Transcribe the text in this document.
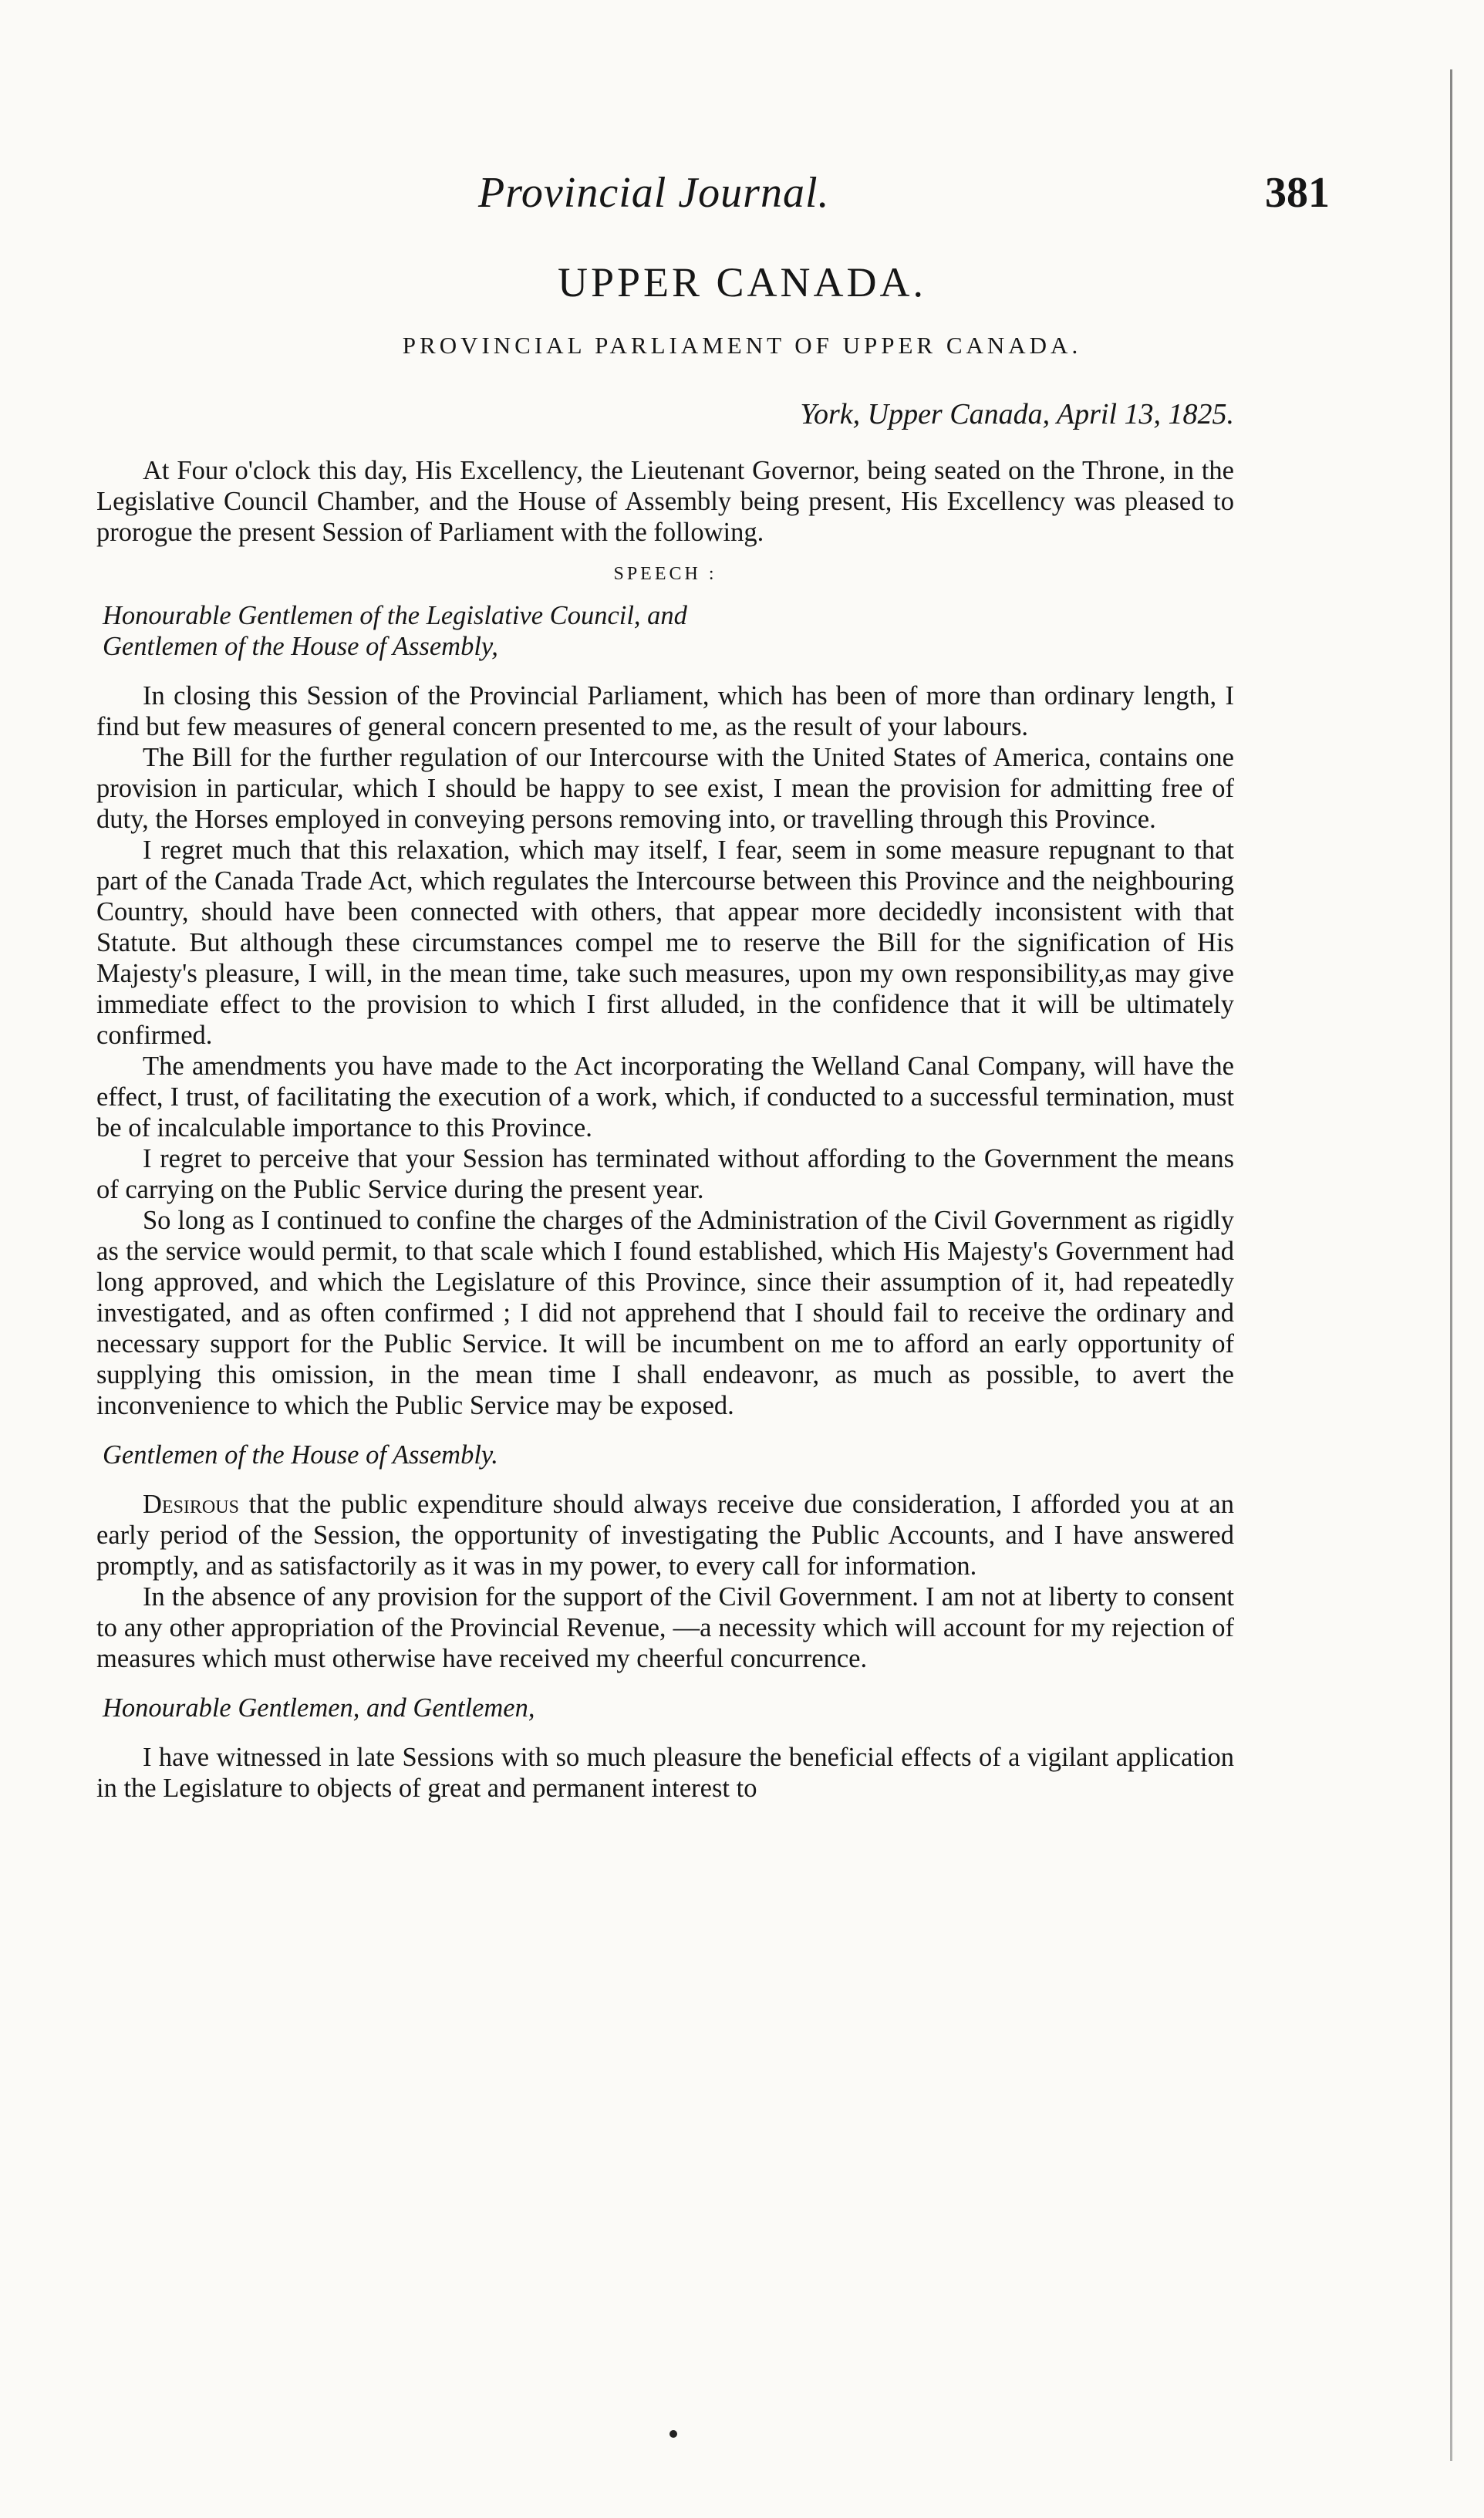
Provincial Journal.	381
UPPER CANADA.
PROVINCIAL PARLIAMENT OF UPPER CANADA.
York, Upper Canada, April 13, 1825.

At Four o'clock this day, His Excellency, the Lieutenant Governor, being seated on the Throne, in the Legislative Council Chamber, and the House of Assembly being present, His Excellency was pleased to prorogue the present Session of Parliament with the following.

SPEECH :

Honourable Gentlemen of the Legislative Council, and

Gentlemen of the House of Assembly,

In closing this Session of the Provincial Parliament, which has been of more than ordinary length, I find but few measures of general concern presented to me, as the result of your labours.

The Bill for the further regulation of our Intercourse with the United States of America, contains one provision in particular, which I should be happy to see exist, I mean the provision for admitting free of duty, the Horses employed in conveying persons removing into, or travelling through this Province.

I regret much that this relaxation, which may itself, I fear, seem in some measure repugnant to that part of the Canada Trade Act, which regulates the Intercourse between this Province and the neighbouring Country, should have been connected with others, that appear more decidedly inconsistent with that Statute. But although these circumstances compel me to reserve the Bill for the signification of His Majesty's pleasure, I will, in the mean time, take such measures, upon my own responsibility,as may give immediate effect to the provision to which I first alluded, in the confidence that it will be ultimately confirmed.

The amendments you have made to the Act incorporating the Welland Canal Company, will have the effect, I trust, of facilitating the execution of a work, which, if conducted to a successful termination, must be of incalculable importance to this Province.

I regret to perceive that your Session has terminated without affording to the Government the means of carrying on the Public Service during the present year.

So long as I continued to confine the charges of the Administration of the Civil Government as rigidly as the service would permit, to that scale which I found established, which His Majesty's Government had long approved, and which the Legislature of this Province, since their assumption of it, had repeatedly investigated, and as often confirmed ; I did not apprehend that I should fail to receive the ordinary and necessary support for the Public Service. It will be incumbent on me to afford an early opportunity of supplying this omission, in the mean time I shall endeavonr, as much as possible, to avert the inconvenience to which the Public Service may be exposed.

Gentlemen of the House of Assembly.

Desirous that the public expenditure should always receive due consideration, I afforded you at an early period of the Session, the opportunity of investigating the Public Accounts, and I have answered promptly, and as satisfactorily as it was in my power, to every call for information.

In the absence of any provision for the support of the Civil Government. I am not at liberty to consent to any other appropriation of the Provincial Revenue, —a necessity which will account for my rejection of measures which must otherwise have received my cheerful concurrence.

Honourable Gentlemen, and Gentlemen,

I have witnessed in late Sessions with so much pleasure the beneficial effects of a vigilant application in the Legislature to objects of great and permanent interest to
